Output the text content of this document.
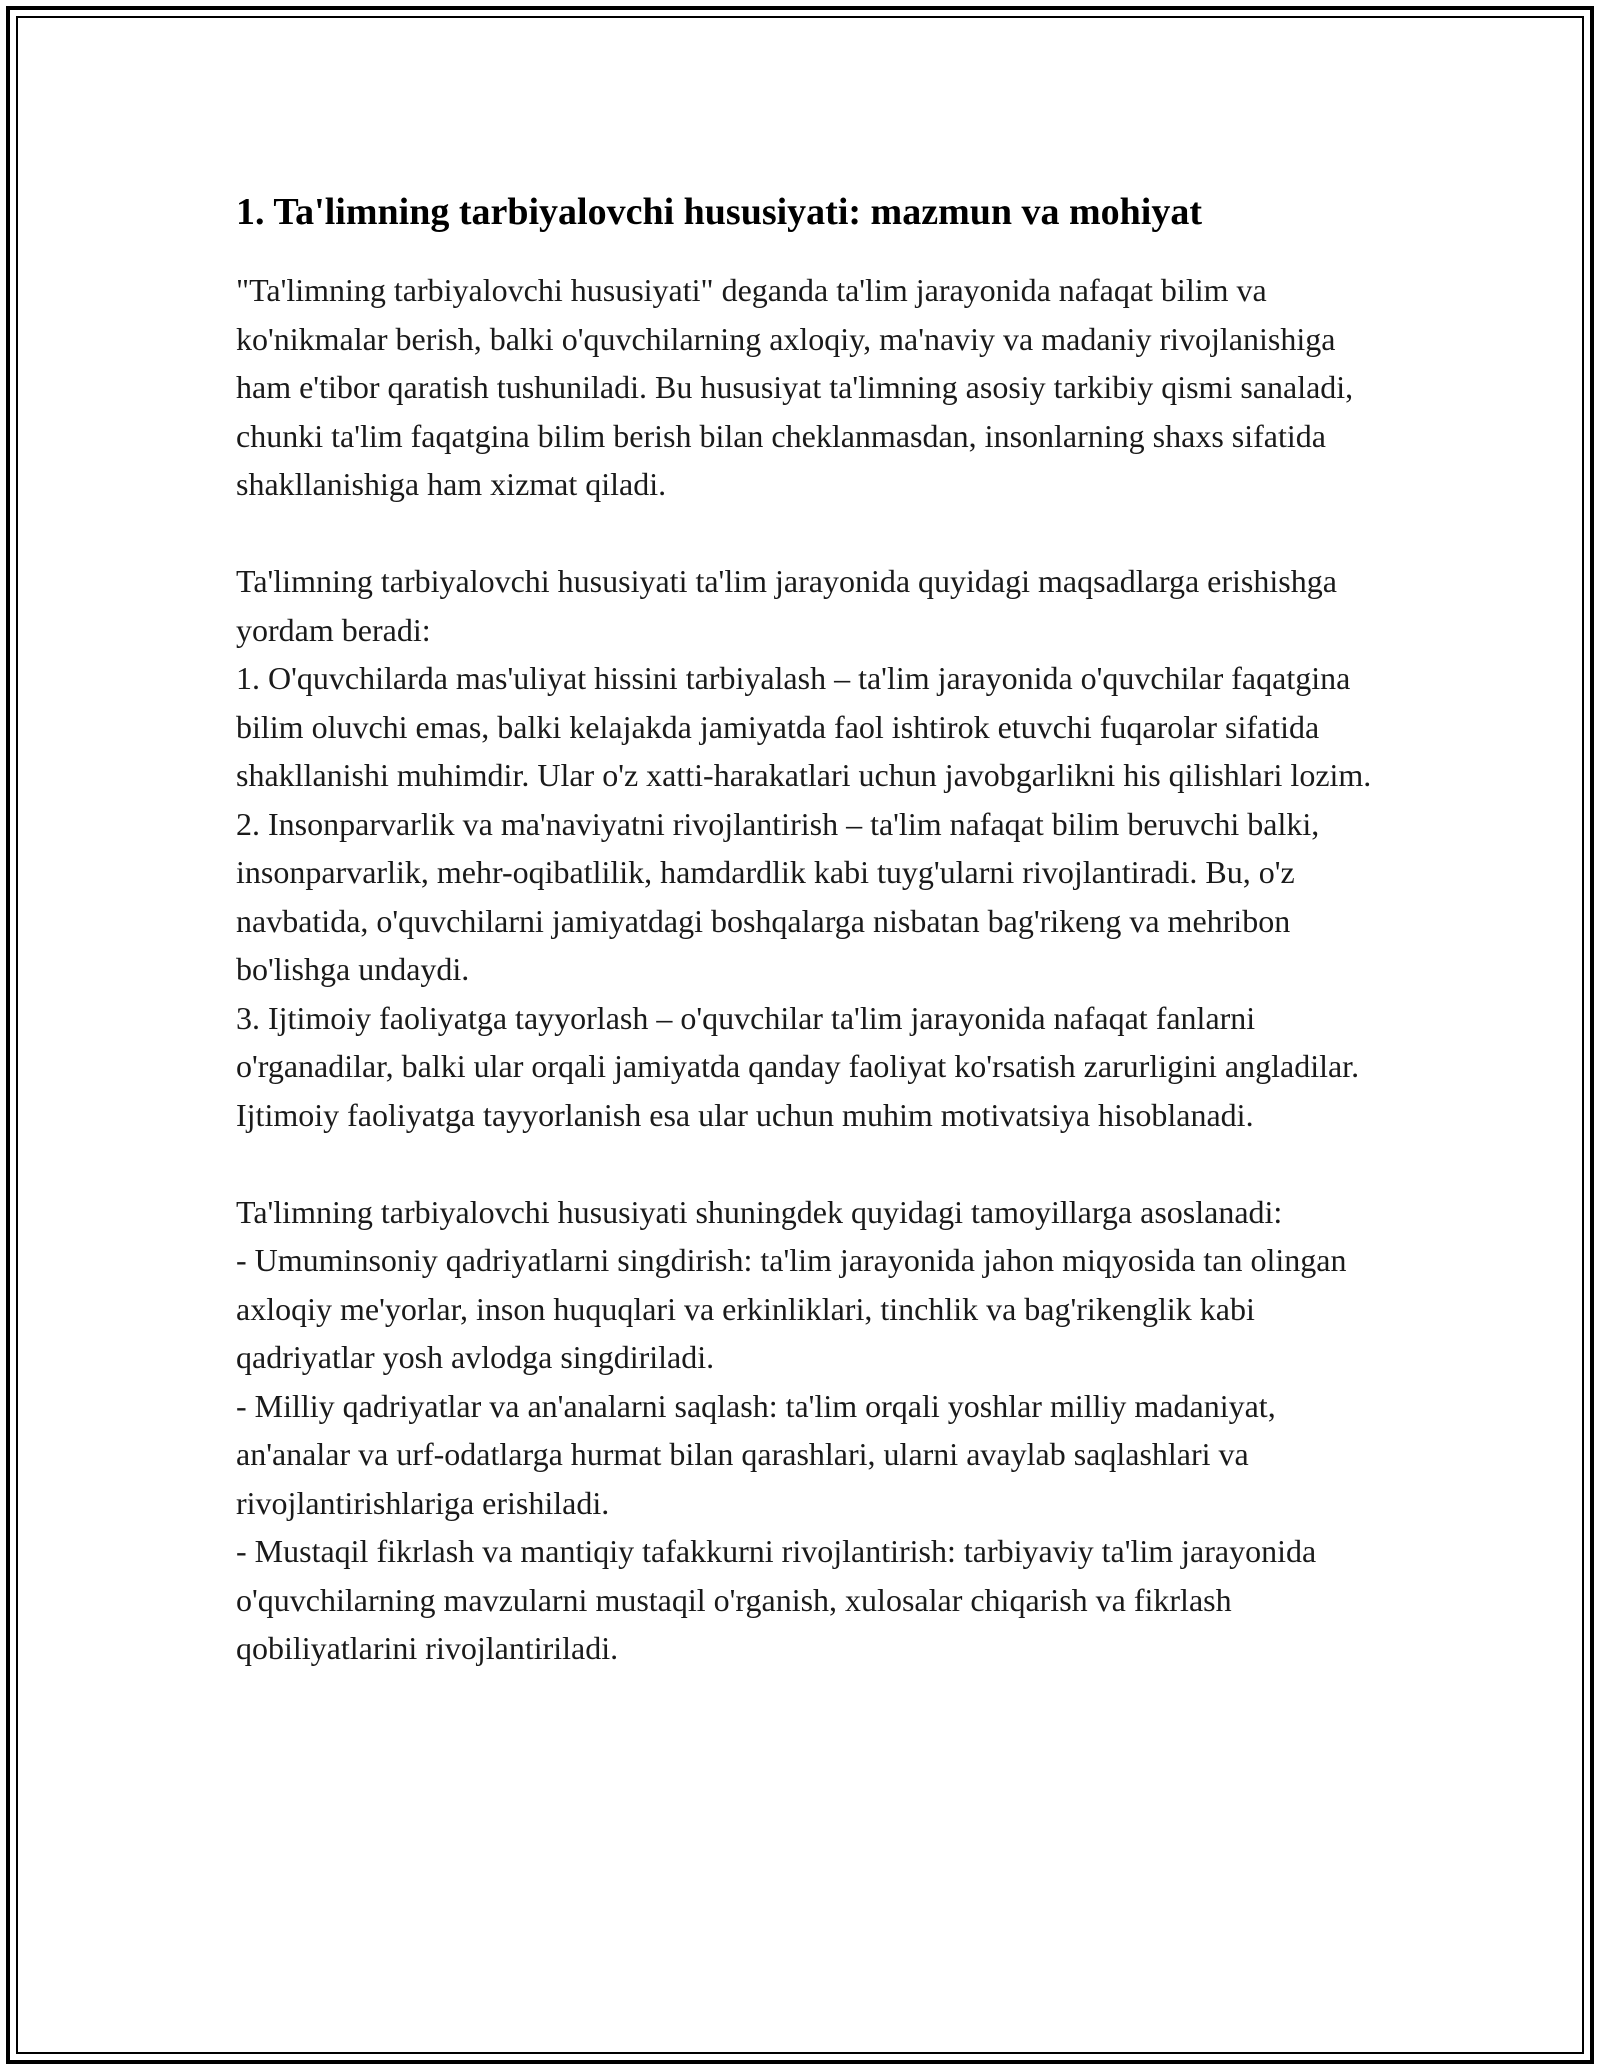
1. Ta'limning tarbiyalovchi hususiyati: mazmun va mohiyat

"Ta'limning tarbiyalovchi hususiyati" deganda ta'lim jarayonida nafaqat bilim va ko'nikmalar berish, balki o'quvchilarning axloqiy, ma'naviy va madaniy rivojlanishiga ham e'tibor qaratish tushuniladi. Bu hususiyat ta'limning asosiy tarkibiy qismi sanaladi, chunki ta'lim faqatgina bilim berish bilan cheklanmasdan, insonlarning shaxs sifatida shakllanishiga ham xizmat qiladi.

Ta'limning tarbiyalovchi hususiyati ta'lim jarayonida quyidagi maqsadlarga erishishga yordam beradi:

1. O'quvchilarda mas'uliyat hissini tarbiyalash – ta'lim jarayonida o'quvchilar faqatgina bilim oluvchi emas, balki kelajakda jamiyatda faol ishtirok etuvchi fuqarolar sifatida shakllanishi muhimdir. Ular o'z xatti-harakatlari uchun javobgarlikni his qilishlari lozim.

2. Insonparvarlik va ma'naviyatni rivojlantirish – ta'lim nafaqat bilim beruvchi balki, insonparvarlik, mehr-oqibatlilik, hamdardlik kabi tuyg'ularni rivojlantiradi. Bu, o'z navbatida, o'quvchilarni jamiyatdagi boshqalarga nisbatan bag'rikeng va mehribon bo'lishga undaydi.

3. Ijtimoiy faoliyatga tayyorlash – o'quvchilar ta'lim jarayonida nafaqat fanlarni o'rganadilar, balki ular orqali jamiyatda qanday faoliyat ko'rsatish zarurligini angladilar. Ijtimoiy faoliyatga tayyorlanish esa ular uchun muhim motivatsiya hisoblanadi.

Ta'limning tarbiyalovchi hususiyati shuningdek quyidagi tamoyillarga asoslanadi:

- Umuminsoniy qadriyatlarni singdirish: ta'lim jarayonida jahon miqyosida tan olingan axloqiy me'yorlar, inson huquqlari va erkinliklari, tinchlik va bag'rikenglik kabi qadriyatlar yosh avlodga singdiriladi.

- Milliy qadriyatlar va an'analarni saqlash: ta'lim orqali yoshlar milliy madaniyat, an'analar va urf-odatlarga hurmat bilan qarashlari, ularni avaylab saqlashlari va rivojlantirishlariga erishiladi.

- Mustaqil fikrlash va mantiqiy tafakkurni rivojlantirish: tarbiyaviy ta'lim jarayonida o'quvchilarning mavzularni mustaqil o'rganish, xulosalar chiqarish va fikrlash qobiliyatlarini rivojlantiriladi.
